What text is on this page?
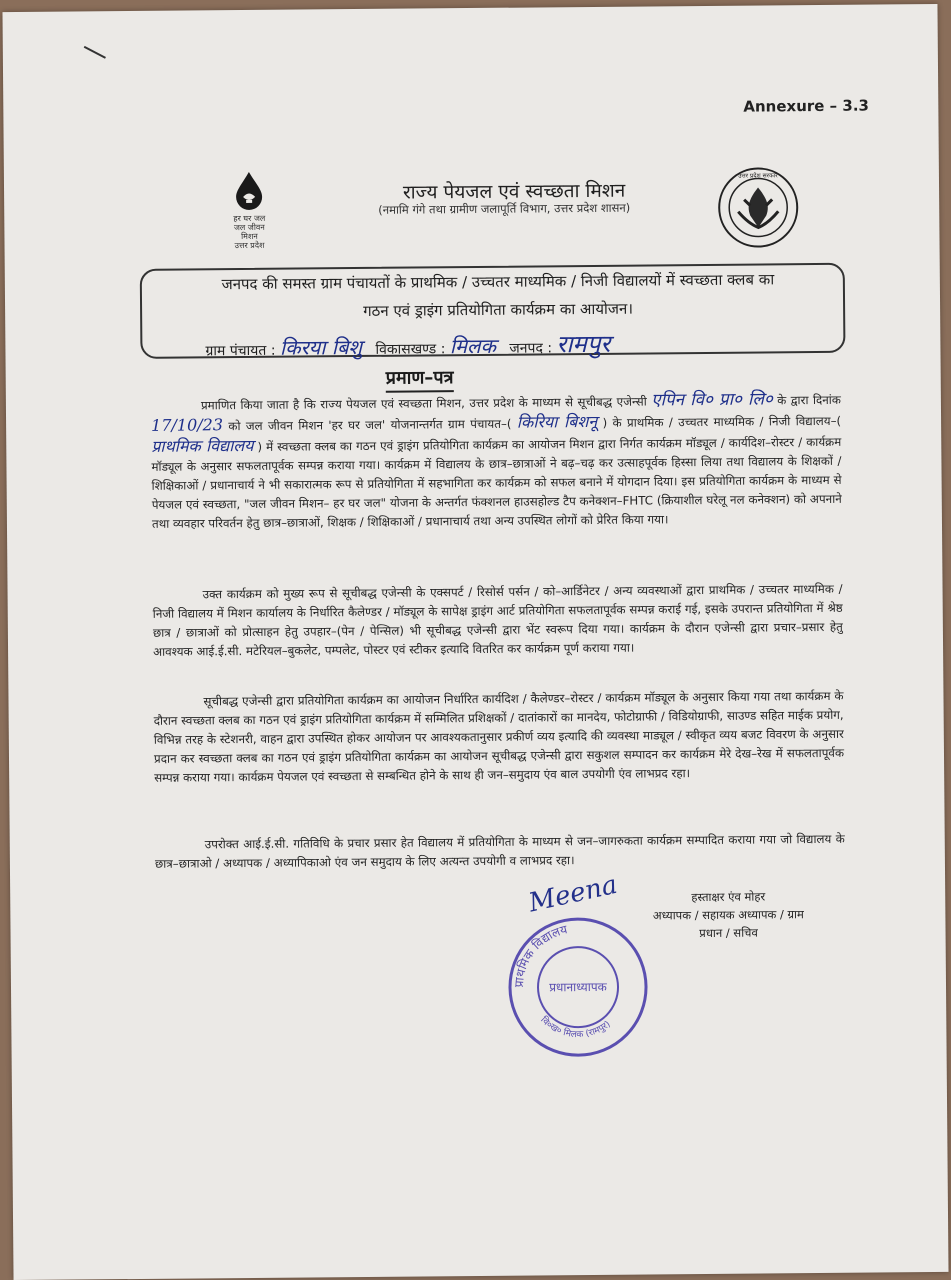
Annexure – 3.3
हर घर जल
जल जीवन मिशन
उत्तर प्रदेश
राज्य पेयजल एवं स्वच्छता मिशन
(नमामि गंगे तथा ग्रामीण जलापूर्ति विभाग, उत्तर प्रदेश शासन)
उत्तर प्रदेश सरकार
जनपद की समस्त ग्राम पंचायतों के प्राथमिक / उच्चतर माध्यमिक / निजी विद्यालयों में स्वच्छता क्लब का
गठन एवं ड्राइंग प्रतियोगिता कार्यक्रम का आयोजन।
ग्राम पंचायत : किरया बिशु विकासखण्ड : मिलक जनपद : रामपुर
प्रमाण–पत्र
प्रमाणित किया जाता है कि राज्य पेयजल एवं स्वच्छता मिशन, उत्तर प्रदेश के माध्यम से सूचीबद्ध एजेन्सी एपिन वि० प्रा० लि० के द्वारा दिनांक 17/10/23 को जल जीवन मिशन 'हर घर जल' योजनान्तर्गत ग्राम पंचायत–( किरिया बिशनू ) के प्राथमिक / उच्चतर माध्यमिक / निजी विद्यालय–( प्राथमिक विद्यालय ) में स्वच्छता क्लब का गठन एवं ड्राइंग प्रतियोगिता कार्यक्रम का आयोजन मिशन द्वारा निर्गत कार्यक्रम मॉड्यूल / कार्यदिश–रोस्टर / कार्यक्रम मॉड्यूल के अनुसार सफलतापूर्वक सम्पन्न कराया गया। कार्यक्रम में विद्यालय के छात्र–छात्राओं ने बढ़–चढ़ कर उत्साहपूर्वक हिस्सा लिया तथा विद्यालय के शिक्षकों / शिक्षिकाओं / प्रधानाचार्य ने भी सकारात्मक रूप से प्रतियोगिता में सहभागिता कर कार्यक्रम को सफल बनाने में योगदान दिया। इस प्रतियोगिता कार्यक्रम के माध्यम से पेयजल एवं स्वच्छता, "जल जीवन मिशन– हर घर जल" योजना के अन्तर्गत फंक्शनल हाउसहोल्ड टैप कनेक्शन–FHTC (क्रियाशील घरेलू नल कनेक्शन) को अपनाने तथा व्यवहार परिवर्तन हेतु छात्र–छात्राओं, शिक्षक / शिक्षिकाओं / प्रधानाचार्य तथा अन्य उपस्थित लोगों को प्रेरित किया गया।
उक्त कार्यक्रम को मुख्य रूप से सूचीबद्ध एजेन्सी के एक्सपर्ट / रिसोर्स पर्सन / को–आर्डिनेटर / अन्य व्यवस्थाओं द्वारा प्राथमिक / उच्चतर माध्यमिक / निजी विद्यालय में मिशन कार्यालय के निर्धारित कैलेण्डर / मॉड्यूल के सापेक्ष ड्राइंग आर्ट प्रतियोगिता सफलतापूर्वक सम्पन्न कराई गई, इसके उपरान्त प्रतियोगिता में श्रेष्ठ छात्र / छात्राओं को प्रोत्साहन हेतु उपहार–(पेन / पेन्सिल) भी सूचीबद्ध एजेन्सी द्वारा भेंट स्वरूप दिया गया। कार्यक्रम के दौरान एजेन्सी द्वारा प्रचार–प्रसार हेतु आवश्यक आई.ई.सी. मटेरियल–बुकलेट, पम्पलेट, पोस्टर एवं स्टीकर इत्यादि वितरित कर कार्यक्रम पूर्ण कराया गया।
सूचीबद्ध एजेन्सी द्वारा प्रतियोगिता कार्यक्रम का आयोजन निर्धारित कार्यदिश / कैलेण्डर–रोस्टर / कार्यक्रम मॉड्यूल के अनुसार किया गया तथा कार्यक्रम के दौरान स्वच्छता क्लब का गठन एवं ड्राइंग प्रतियोगिता कार्यक्रम में सम्मिलित प्रशिक्षकों / दातांकारों का मानदेय, फोटोग्राफी / विडियोग्राफी, साउण्ड सहित माईक प्रयोग, विभिन्न तरह के स्टेशनरी, वाहन द्वारा उपस्थित होकर आयोजन पर आवश्यकतानुसार प्रकीर्ण व्यय इत्यादि की व्यवस्था माड्यूल / स्वीकृत व्यय बजट विवरण के अनुसार प्रदान कर स्वच्छता क्लब का गठन एवं ड्राइंग प्रतियोगिता कार्यक्रम का आयोजन सूचीबद्ध एजेन्सी द्वारा सकुशल सम्पादन कर कार्यक्रम मेरे देख–रेख में सफलतापूर्वक सम्पन्न कराया गया। कार्यक्रम पेयजल एवं स्वच्छता से सम्बन्धित होने के साथ ही जन–समुदाय एंव बाल उपयोगी एंव लाभप्रद रहा।
उपरोक्त आई.ई.सी. गतिविधि के प्रचार प्रसार हेत विद्यालय में प्रतियोगिता के माध्यम से जन–जागरुकता कार्यक्रम सम्पादित कराया गया जो विद्यालय के छात्र–छात्राओ / अध्यापक / अध्यापिकाओ एंव जन समुदाय के लिए अत्यन्त उपयोगी व लाभप्रद रहा।
Meena	हस्ताक्षर एंव मोहर
अध्यापक / सहायक अध्यापक / ग्राम
प्रधान / सचिव
प्राथमिक विद्यालय
वि०ख० मिलक (रामपुर)
प्रधानाध्यापक
